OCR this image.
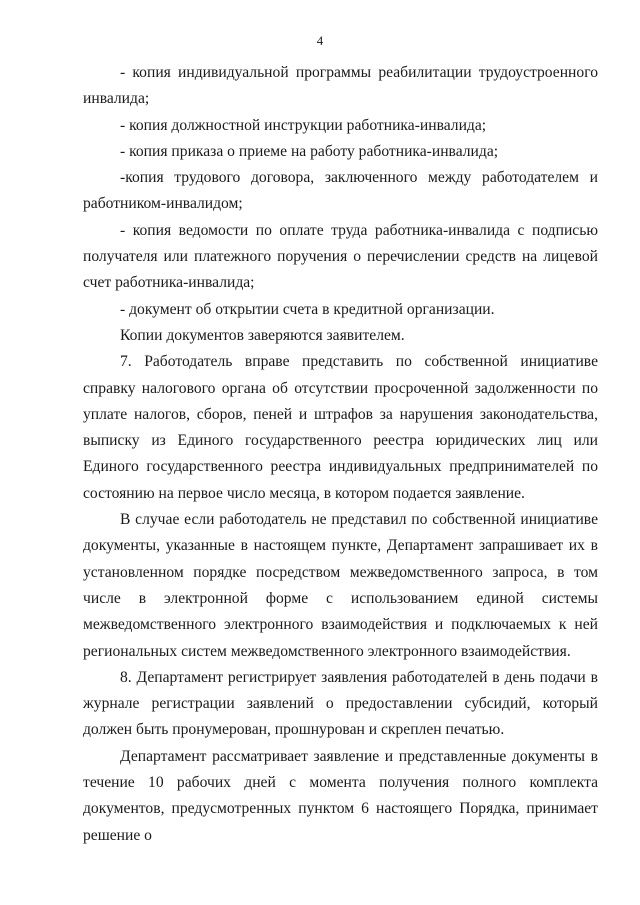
4

- копия индивидуальной программы реабилитации трудоустроенного инвалида;

- копия должностной инструкции работника-инвалида;

- копия приказа о приеме на работу работника-инвалида;

-копия трудового договора, заключенного между работодателем и работником-инвалидом;

- копия ведомости по оплате труда работника-инвалида с подписью получателя или платежного поручения о перечислении средств на лицевой счет работника-инвалида;

- документ об открытии счета в кредитной организации.

Копии документов заверяются заявителем.

7. Работодатель вправе представить по собственной инициативе справку налогового органа об отсутствии просроченной задолженности по уплате налогов, сборов, пеней и штрафов за нарушения законодательства, выписку из Единого государственного реестра юридических лиц или Единого государственного реестра индивидуальных предпринимателей по состоянию на первое число месяца, в котором подается заявление.

В случае если работодатель не представил по собственной инициативе документы, указанные в настоящем пункте, Департамент запрашивает их в установленном порядке посредством межведомственного запроса, в том числе в электронной форме с использованием единой системы межведомственного электронного взаимодействия и подключаемых к ней региональных систем межведомственного электронного взаимодействия.

8. Департамент регистрирует заявления работодателей в день подачи в журнале регистрации заявлений о предоставлении субсидий, который должен быть пронумерован, прошнурован и скреплен печатью.

Департамент рассматривает заявление и представленные документы в течение 10 рабочих дней с момента получения полного комплекта документов, предусмотренных пунктом 6 настоящего Порядка, принимает решение о
